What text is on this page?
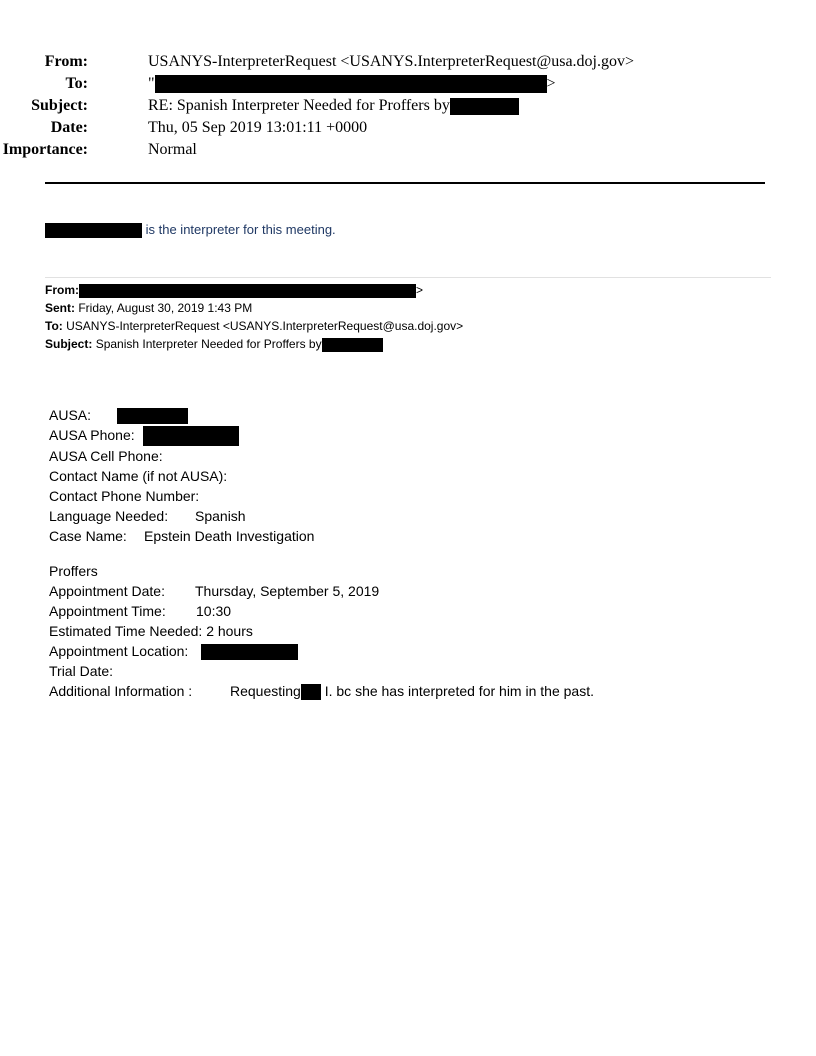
From:	USANYS-InterpreterRequest <USANYS.InterpreterRequest@usa.doj.gov>
To:	"	>
Subject:	RE: Spanish Interpreter Needed for Proffers by
Date:	Thu, 05 Sep 2019 13:01:11 +0000
Importance:	Normal
is the interpreter for this meeting.
From:	>
Sent: Friday, August 30, 2019 1:43 PM
To: USANYS-InterpreterRequest <USANYS.InterpreterRequest@usa.doj.gov>
Subject: Spanish Interpreter Needed for Proffers by
AUSA:
AUSA Phone:
AUSA Cell Phone:
Contact Name (if not AUSA):
Contact Phone Number:
Language Needed: Spanish
Case Name: Epstein Death Investigation
Proffers
Appointment Date: Thursday, September 5, 2019
Appointment Time: 10:30
Estimated Time Needed: 2 hours
Appointment Location:
Trial Date:
Additional Information :	Requesting I. bc she has interpreted for him in the past.
